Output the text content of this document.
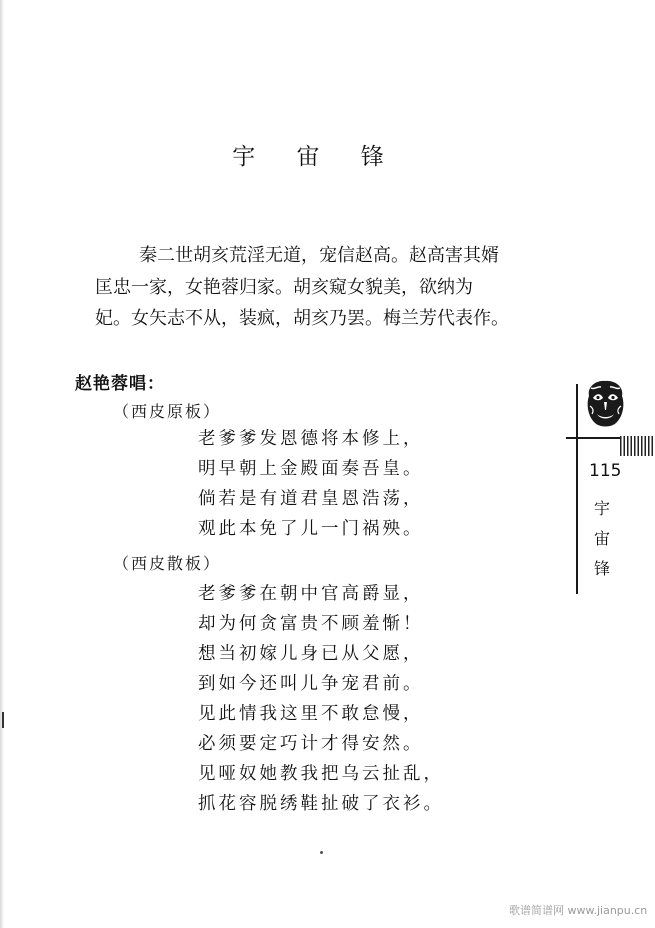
宇 宙 锋
秦二世胡亥荒淫无道，宠信赵高。赵高害其婿
匡忠一家，女艳蓉归家。胡亥窥女貌美，欲纳为
妃。女矢志不从，装疯，胡亥乃罢。梅兰芳代表作。
赵艳蓉唱：
（西皮原板）
老爹爹发恩德将本修上，
明早朝上金殿面奏吾皇。
倘若是有道君皇恩浩荡，
观此本免了儿一门祸殃。
（西皮散板）
老爹爹在朝中官高爵显，
却为何贪富贵不顾羞惭！
想当初嫁儿身已从父愿，
到如今还叫儿争宠君前。
见此情我这里不敢怠慢，
必须要定巧计才得安然。
见哑奴她教我把乌云扯乱，
抓花容脱绣鞋扯破了衣衫。
115
宇
宙
锋
歌谱简谱网 www.jianpu.cn
